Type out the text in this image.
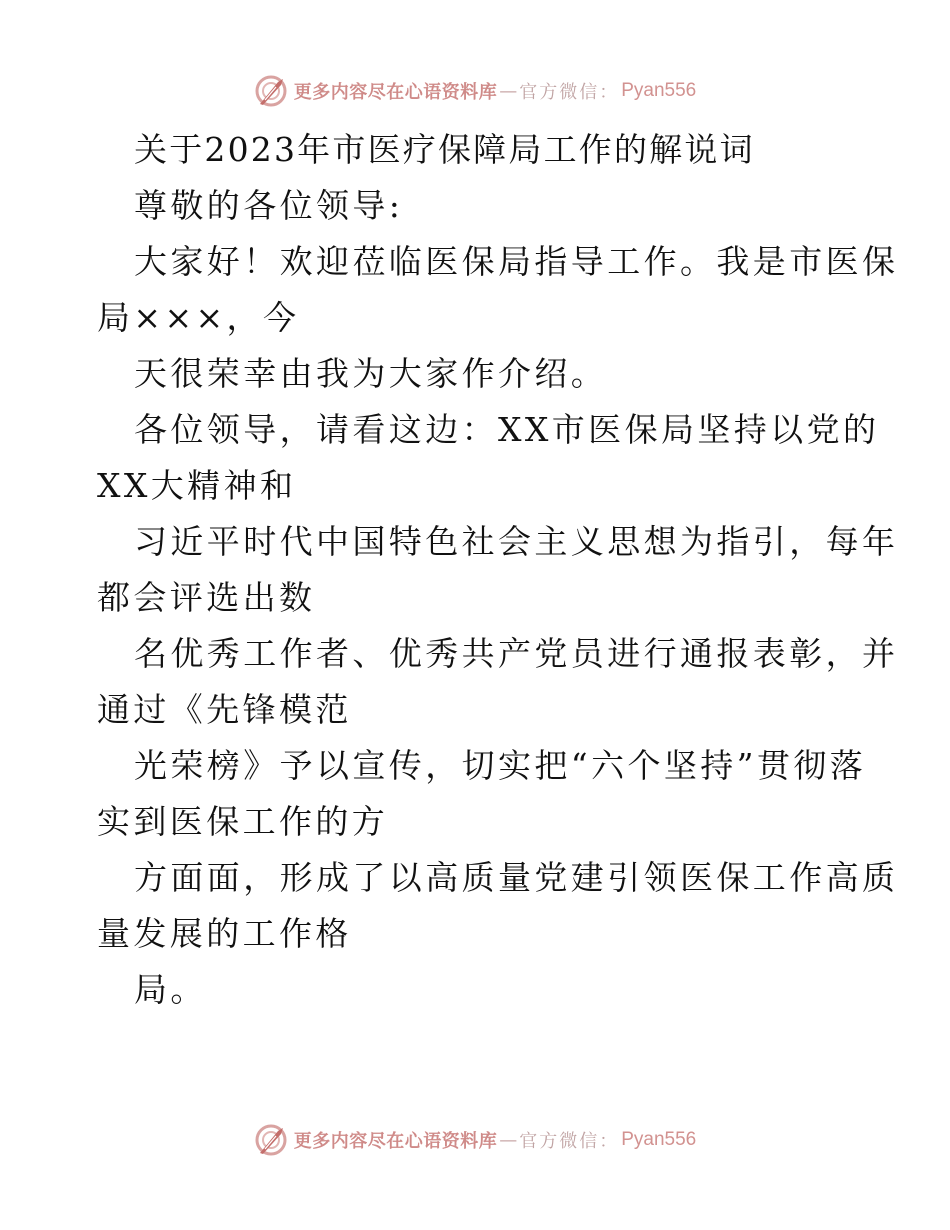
更多内容尽在心语资料库 — 官方微信： Pyan556
关于2023年市医疗保障局工作的解说词
尊敬的各位领导:
大家好！欢迎莅临医保局指导工作。我是市医保
局×××，今
天很荣幸由我为大家作介绍。
各位领导，请看这边：XX市医保局坚持以党的
XX大精神和
习近平时代中国特色社会主义思想为指引，每年
都会评选出数
名优秀工作者、优秀共产党员进行通报表彰，并
通过《先锋模范
光荣榜》予以宣传，切实把“六个坚持”贯彻落
实到医保工作的方
方面面，形成了以高质量党建引领医保工作高质
量发展的工作格
局。
更多内容尽在心语资料库 — 官方微信： Pyan556
